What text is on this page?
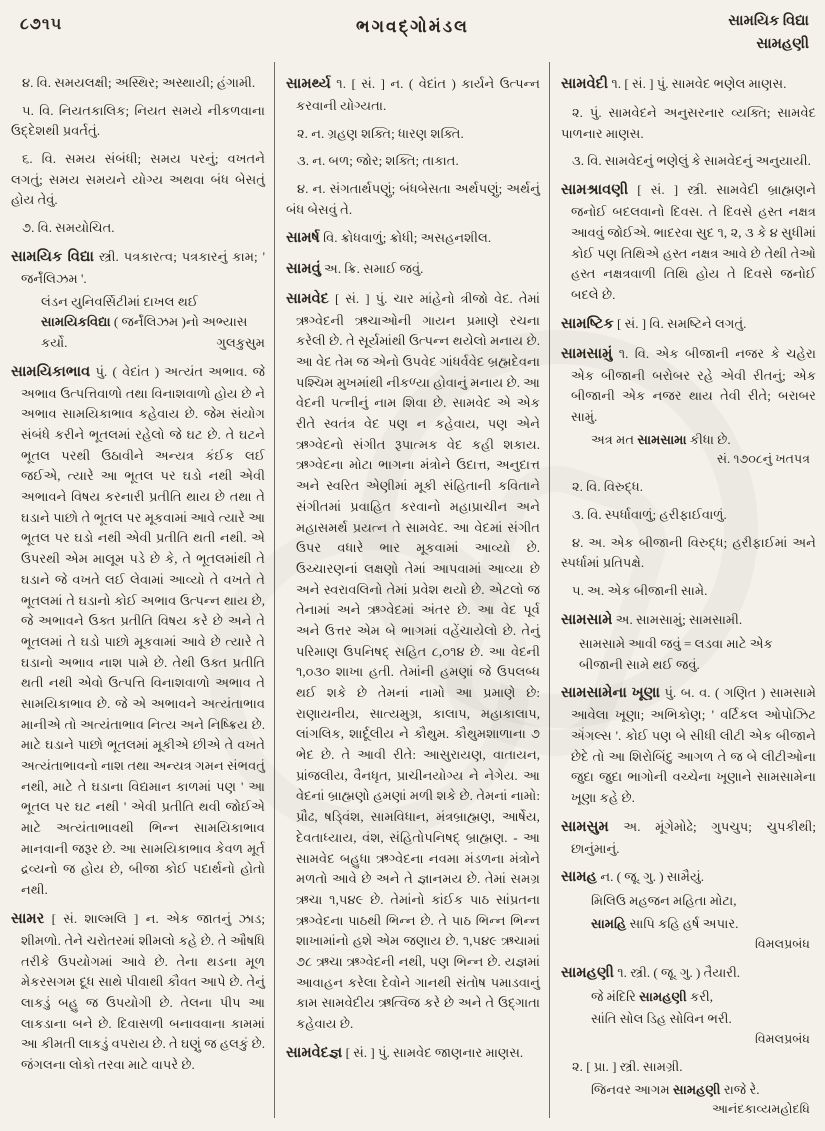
૮૭૧૫	ભગવદ્ગોમંડલ	સામયિક વિદ્યા
સામહણી

૪. વિ. સમયલક્ષી; અસ્થિર; અસ્થાયી; હંગામી.

૫. વિ. નિયતકાલિક; નિયત સમયે નીકળવાના ઉદ્દેશથી પ્રવર્તતું.

૬. વિ. સમય સંબંધી; સમય પરનું; વખતને લગતું; સમય સમયને યોગ્ય અથવા બંધ બેસતું હોય તેવું.

૭. વિ. સમયોચિત.

સામયિક વિદ્યા સ્ત્રી. પત્રકારત્વ; પત્રકારનું કામ; ' જર્નૅલિઝમ '.

લંડન યુનિવર્સિટીમાં દાખલ થઈ સામયિકવિદ્યા ( જર્નૅલિઝમ )નો અભ્યાસ કર્યો.	ગુલકુસુમ

સામયિકાભાવ પું. ( વેદાંત ) અત્યંત અભાવ. જે અભાવ ઉત્પત્તિવાળો તથા વિનાશવાળો હોય છે ને અભાવ સામયિકાભાવ કહેવાય છે. જેમ સંયોગ સંબંધે કરીને ભૂતલમાં રહેલો જે ઘટ છે. તે ઘટને ભૂતલ પરથી ઉઠાવીને અન્યત્ર કંઈક લઈ જઈએ, ત્યારે આ ભૂતલ પર ઘડો નથી એવી અભાવને વિષય કરનારી પ્રતીતિ થાય છે તથા તે ઘડાને પાછો તે ભૂતલ પર મૂકવામાં આવે ત્યારે આ ભૂતલ પર ઘડો નથી એવી પ્રતીતિ થતી નથી. એ ઉપરથી એમ માલૂમ પડે છે કે, તે ભૂતલમાંથી તે ઘડાને જે વખતે લઈ લેવામાં આવ્યો તે વખતે તે ભૂતલમાં તે ઘડાનો કોઈ અભાવ ઉત્પન્ન થાય છે, જે અભાવને ઉક્ત પ્રતીતિ વિષય કરે છે અને તે ભૂતલમાં તે ઘડો પાછો મૂકવામાં આવે છે ત્યારે તે ઘડાનો અભાવ નાશ પામે છે. તેથી ઉક્ત પ્રતીતિ થતી નથી એવો ઉત્પત્તિ વિનાશવાળો અભાવ તે સામયિકાભાવ છે. જે એ અભાવને અત્યંતાભાવ માનીએ તો અત્યંતાભાવ નિત્ય અને નિષ્ક્રિય છે. માટે ઘડાને પાછો ભૂતલમાં મૂકીએ છીએ તે વખતે અત્યંતાભાવનો નાશ તથા અન્યત્ર ગમન સંભવતું નથી, માટે તે ઘડાના વિદ્યમાન કાળમાં પણ ' આ ભૂતલ પર ઘટ નથી ' એવી પ્રતીતિ થવી જોઈએ માટે અત્યંતાભાવથી ભિન્ન સામયિકાભાવ માનવાની જરૂર છે. આ સામયિકાભાવ કેવળ મૂર્ત દ્રવ્યનો જ હોય છે, બીજા કોઈ પદાર્થનો હોતો નથી.

સામર [ સં. શાલ્મલિ ] ન. એક જાતનું ઝાડ; શીમળો. તેને ચરોતરમાં શીમલો કહે છે. તે ઔષધિ તરીકે ઉપયોગમાં આવે છે. તેના થડના મૂળ મેકરસગમ દૂધ સાથે પીવાથી કૌવત આપે છે. તેનું લાકડું બહુ જ ઉપયોગી છે. તેલના પીપ આ લાકડાના બને છે. દિવાસળી બનાવવાના કામમાં આ કીમતી લાકડું વપરાય છે. તે ઘણું જ હલકું છે. જંગલના લોકો તરવા માટે વાપરે છે.

સામર્થ્ય ૧. [ સં. ] ન. ( વેદાંત ) કાર્યને ઉત્પન્ન કરવાની યોગ્યતા.

૨. ન. ગ્રહણ શક્તિ; ધારણ શક્તિ.

૩. ન. બળ; જોર; શક્તિ; તાકાત.

૪. ન. સંગતાર્થપણું; બંધબેસતા અર્થપણું; અર્થનું બંધ બેસવું તે.

સામર્ષ વિ. ક્રોધવાળું; ક્રોધી; અસહનશીલ.

સામવું અ. ક્રિ. સમાઈ જવું.

સામવેદ [ સં. ] પું. ચાર માંહેનો ત્રીજો વેદ. તેમાં ઋગ્વેદની ઋચાઓની ગાયન પ્રમાણે રચના કરેલી છે. તે સૂર્યમાંથી ઉત્પન્ન થયેલો મનાય છે. આ વેદ તેમ જ એનો ઉપવેદ ગાંધર્વવેદ બ્રહ્મદેવના પશ્ચિમ મુખમાંથી નીકળ્યા હોવાનું મનાય છે. આ વેદની પત્નીનું નામ શિવા છે. સામવેદ એ એક રીતે સ્વતંત્ર વેદ પણ ન કહેવાય, પણ એને ઋગ્વેદનો સંગીત રૂપાત્મક વેદ કહી શકાય. ઋગ્વેદના મોટા ભાગના મંત્રોને ઉદાત્ત, અનુદાત્ત અને સ્વરિત એણીમાં મૂકી સંહિતાની કવિતાને સંગીતમાં પ્રવાહિત કરવાનો મહાપ્રાચીન અને મહાસમર્થ પ્રયત્ન તે સામવેદ. આ વેદમાં સંગીત ઉપર વધારે ભાર મૂકવામાં આવ્યો છે. ઉચ્ચારણનાં લક્ષણો તેમાં આપવામાં આવ્યા છે અને સ્વરાવલિનો તેમાં પ્રવેશ થયો છે. એટલો જ તેનામાં અને ઋગ્વેદમાં અંતર છે. આ વેદ પૂર્વ અને ઉત્તર એમ બે ભાગમાં વહેંચાયેલો છે. તેનું પરિમાણ ઉપનિષદ્ સહિત ૮,૦૧૪ છે. આ વેદની ૧,૦૩૦ શાખા હતી. તેમાંની હમણાં જે ઉપલબ્ધ થઈ શકે છે તેમનાં નામો આ પ્રમાણે છે: રાણાયનીય, સાત્યમુગ્ર, કાલાપ, મહાકાલાપ, લાંગલિક, શાર્દૂલીય ને કૌથુમ. કૌથુમશાળાના ૭ ભેદ છે. તે આવી રીતે: આસુરાયણ, વાતાયન, પ્રાંજલીય, વૈનધૃત, પ્રાચીનયોગ્ય ને નેગેય. આ વેદનાં બ્રાહ્મણો હમણાં મળી શકે છે. તેમનાં નામો: પ્રૌઢ, ષડ્વિંશ, સામવિધાન, મંત્રબ્રાહ્મણ, આર્ષેય, દેવતાધ્યાય, વંશ, સંહિતોપનિષદ્ બ્રાહ્મણ. - આ સામવેદ બહુધા ઋગ્વેદના નવમા મંડળના મંત્રોને મળતો આવે છે અને તે જ્ઞાનમય છે. તેમાં સમગ્ર ઋચા ૧,૫૪૯ છે. તેમાંનો કાંઈક પાઠ સાંપ્રતના ઋગ્વેદના પાઠથી ભિન્ન છે. તે પાઠ ભિન્ન ભિન્ન શાખામાંનો હશે એમ જણાય છે. ૧,૫૪૯ ઋચામાં ૭૮ ઋચા ઋગ્વેદની નથી, પણ ભિન્ન છે. યજ્ઞમાં આવાહન કરેલા દેવોને ગાનથી સંતોષ પમાડવાનું કામ સામવેદીય ઋત્વિજ કરે છે અને તે ઉદ્ગાતા કહેવાય છે.

સામવેદજ્ઞ [ સં. ] પું. સામવેદ જાણનાર માણસ.

સામવેદી ૧. [ સં. ] પું. સામવેદ ભણેલ માણસ.

૨. પું. સામવેદને અનુસરનાર વ્યક્તિ; સામવેદ પાળનાર માણસ.

૩. વિ. સામવેદનું ભણેલું કે સામવેદનું અનુયાયી.

સામશ્રાવણી [ સં. ] સ્ત્રી. સામવેદી બ્રાહ્મણને જનોઈ બદલવાનો દિવસ. તે દિવસે હસ્ત નક્ષત્ર આવવું જોઈએ. ભાદરવા સુદ ૧, ૨, ૩ કે ૪ સુધીમાં કોઈ પણ તિથિએ હસ્ત નક્ષત્ર આવે છે તેથી તેઓ હસ્ત નક્ષત્રવાળી તિથિ હોય તે દિવસે જનોઈ બદલે છે.

સામષ્ટિક [ સં. ] વિ. સમષ્ટિને લગતું.

સામસામું ૧. વિ. એક બીજાની નજર કે ચહેરા એક બીજાની બરોબર રહે એવી રીતનું; એક બીજાની એક નજર થાય તેવી રીતે; બરાબર સામું.

અત્ર મત સામસામા કીધા છે.

સં. ૧૭૦૮નું ખતપત્ર

૨. વિ. વિરુદ્ધ.

૩. વિ. સ્પર્ધાવાળું; હરીફાઈવાળું.

૪. અ. એક બીજાની વિરુદ્ધ; હરીફાઈમાં અને સ્પર્ધામાં પ્રતિપક્ષે.

૫. અ. એક બીજાની સામે.

સામસામે અ. સામસામું; સામસામી.

સામસામે આવી જવું = લડવા માટે એક બીજાની સામે થઈ જવું.

સામસામેના ખૂણા પું. બ. વ. ( ગણિત ) સામસામે આવેલા ખૂણા; અભિકોણ; ' વર્ટિકલ ઓપોઝિટ ઍંગલ્સ '. કોઈ પણ બે સીધી લીટી એક બીજાને છેદે તો આ શિરોબિંદુ આગળ તે જ બે લીટીઓના જુદા જુદા ભાગોની વચ્ચેના ખૂણાને સામસામેના ખૂણા કહે છે.

સામસુમ અ. મૂંગેમોઢે; ગુપચુપ; ચુપકીથી; છાનુંમાનું.

સામહ ન. ( જૂ. ગુ. ) સામૈયું.

મિલિઉ મહજન મહિતા મોટા,

સામહિ સાપિ કહિ હર્ષ અપાર.

વિમલપ્રબંધ

સામહણી ૧. સ્ત્રી. ( જૂ. ગુ. ) તૈયારી.

જે મંદિરિ સામહણી કરી,

સાંતિ સોલ ડિહ સોવિન ભરી.

વિમલપ્રબંધ

૨. [ પ્રા. ] સ્ત્રી. સામગ્રી.

જિનવર આગમ સામહણી રાજે રે.

આનંદકાવ્યમહોદધિ
